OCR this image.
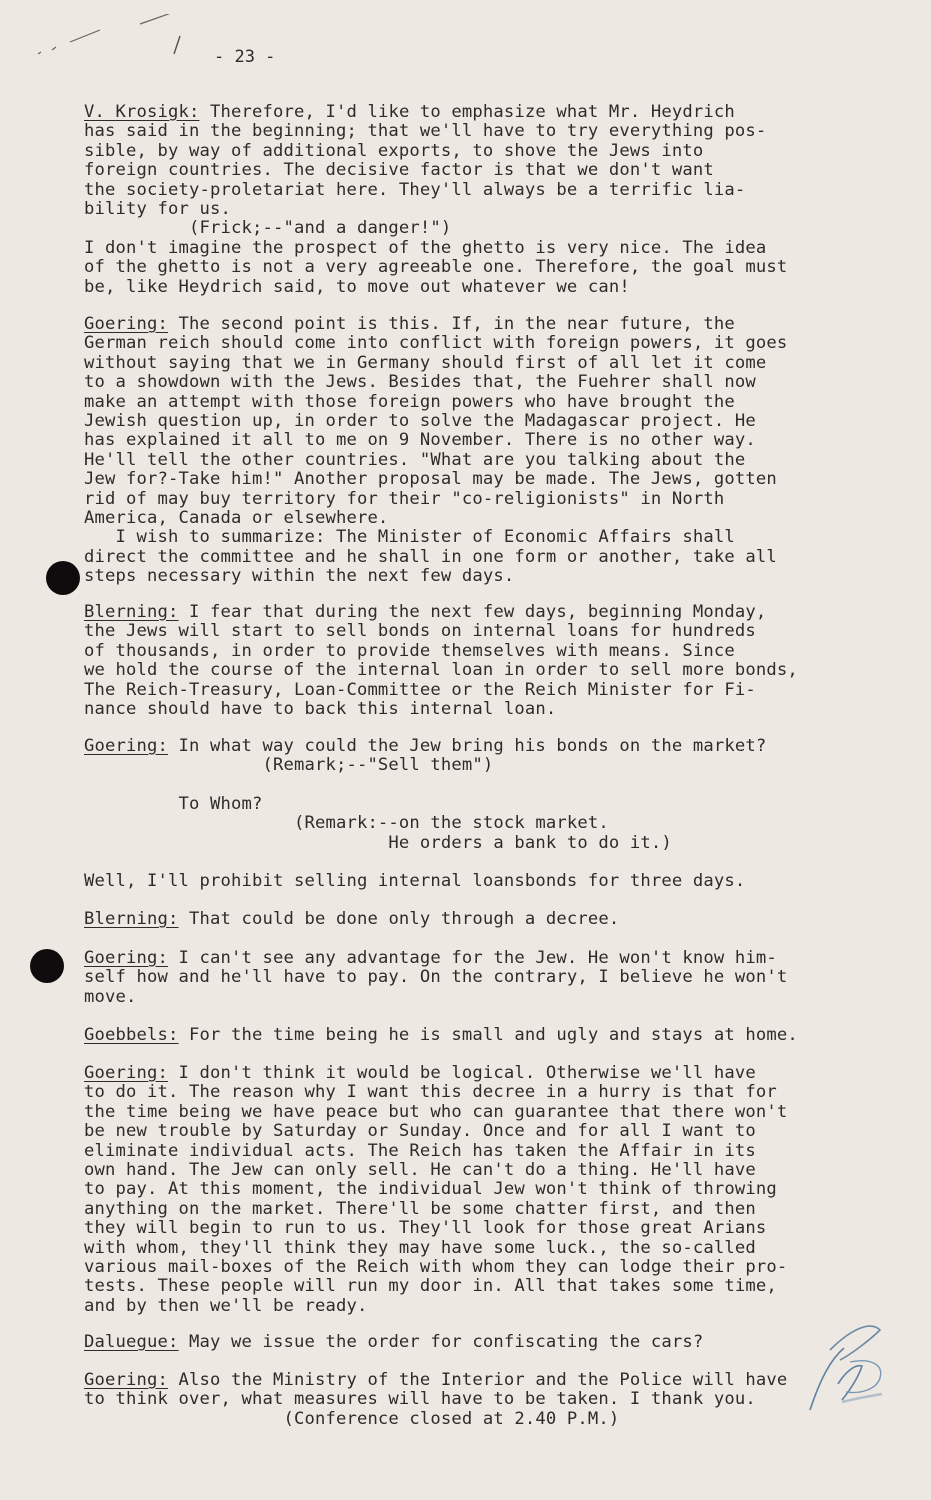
- 23 -
V. Krosigk: Therefore, I'd like to emphasize what Mr. Heydrich
has said in the beginning; that we'll have to try everything pos-
sible, by way of additional exports, to shove the Jews into
foreign countries. The decisive factor is that we don't want
the society-proletariat here. They'll always be a terrific lia-
bility for us.
(Frick;--"and a danger!")
I don't imagine the prospect of the ghetto is very nice. The idea
of the ghetto is not a very agreeable one. Therefore, the goal must
be, like Heydrich said, to move out whatever we can!
Goering: The second point is this. If, in the near future, the
German reich should come into conflict with foreign powers, it goes
without saying that we in Germany should first of all let it come
to a showdown with the Jews. Besides that, the Fuehrer shall now
make an attempt with those foreign powers who have brought the
Jewish question up, in order to solve the Madagascar project. He
has explained it all to me on 9 November. There is no other way.
He'll tell the other countries. "What are you talking about the
Jew for?-Take him!" Another proposal may be made. The Jews, gotten
rid of may buy territory for their "co-religionists" in North
America, Canada or elsewhere.
I wish to summarize: The Minister of Economic Affairs shall
direct the committee and he shall in one form or another, take all
steps necessary within the next few days.
Blerning: I fear that during the next few days, beginning Monday,
the Jews will start to sell bonds on internal loans for hundreds
of thousands, in order to provide themselves with means. Since
we hold the course of the internal loan in order to sell more bonds,
The Reich-Treasury, Loan-Committee or the Reich Minister for Fi-
nance should have to back this internal loan.
Goering: In what way could the Jew bring his bonds on the market?
(Remark;--"Sell them")
To Whom?
(Remark:--on the stock market.
He orders a bank to do it.)
Well, I'll prohibit selling internal loansbonds for three days.
Blerning: That could be done only through a decree.
Goering: I can't see any advantage for the Jew. He won't know him-
self how and he'll have to pay. On the contrary, I believe he won't
move.
Goebbels: For the time being he is small and ugly and stays at home.
Goering: I don't think it would be logical. Otherwise we'll have
to do it. The reason why I want this decree in a hurry is that for
the time being we have peace but who can guarantee that there won't
be new trouble by Saturday or Sunday. Once and for all I want to
eliminate individual acts. The Reich has taken the Affair in its
own hand. The Jew can only sell. He can't do a thing. He'll have
to pay. At this moment, the individual Jew won't think of throwing
anything on the market. There'll be some chatter first, and then
they will begin to run to us. They'll look for those great Arians
with whom, they'll think they may have some luck., the so-called
various mail-boxes of the Reich with whom they can lodge their pro-
tests. These people will run my door in. All that takes some time,
and by then we'll be ready.
Daluegue: May we issue the order for confiscating the cars?
Goering: Also the Ministry of the Interior and the Police will have
to think over, what measures will have to be taken. I thank you.
(Conference closed at 2.40 P.M.)
